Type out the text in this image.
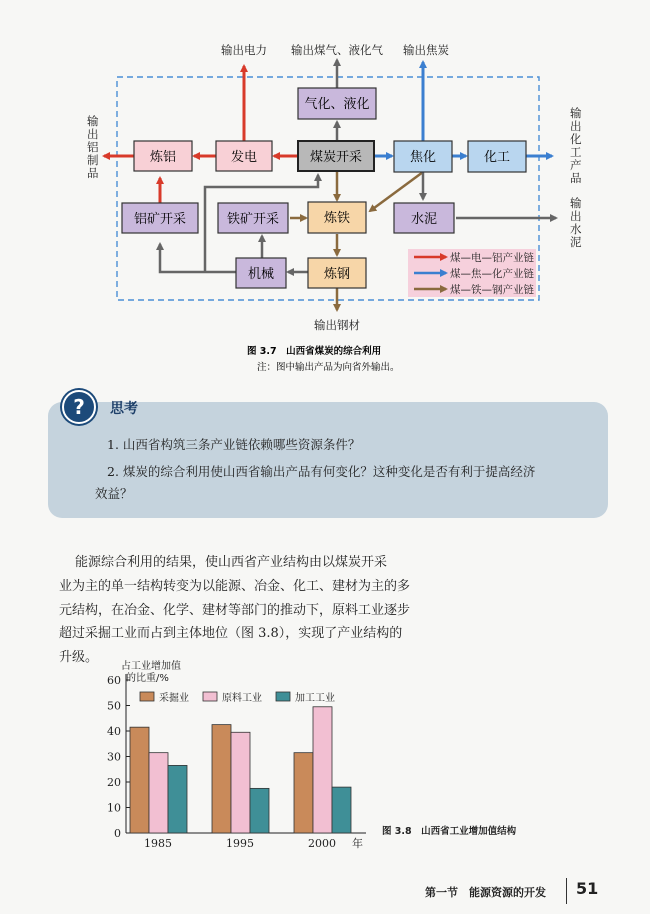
气化、液化
煤炭开采
发电
炼铝	焦化	化工
铝矿开采	铁矿开采	炼铁	水泥
机械	炼钢
输出电力 输出煤气、液化气 输出焦炭
输出钢材
输出铝制品
输出化工产品
输出水泥
煤—电—铝产业链
煤—焦—化产业链
煤—铁—钢产业链
图 3.7　山西省煤炭的综合利用
注：图中输出产品为向省外输出。
?	思考
1. 山西省构筑三条产业链依赖哪些资源条件？
2. 煤炭的综合利用使山西省输出产品有何变化？这种变化是否有利于提高经济
效益？
能源综合利用的结果，使山西省产业结构由以煤炭开采
业为主的单一结构转变为以能源、冶金、化工、建材为主的多
元结构，在冶金、化学、建材等部门的推动下，原料工业逐步
超过采掘工业而占到主体地位（图 3.8），实现了产业结构的
升级。
0
10
20
30
40
50
60
占工业增加值
的比重/%
1985	1995	2000 年
采掘业	原料工业	加工工业
图 3.8　山西省工业增加值结构
第一节　能源资源的开发 51
